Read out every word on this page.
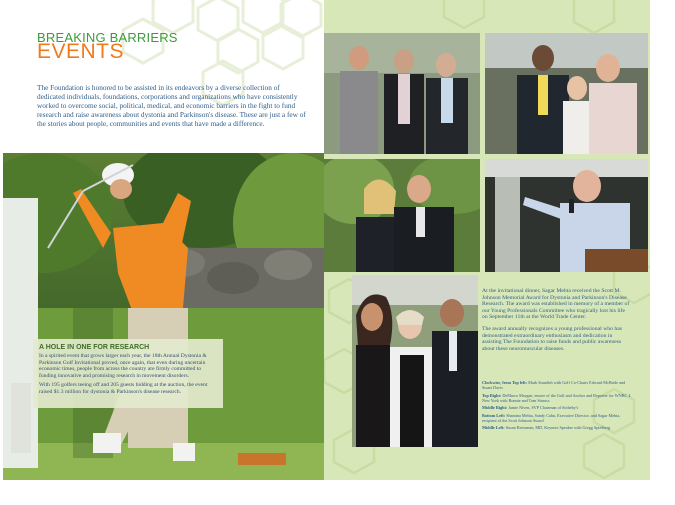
BREAKING BARRIERS
EVENTS

The Foundation is honored to be assisted in its endeavors by a diverse collection of dedicated individuals, foundations, corporations and organizations who have consistently worked to overcome social, political, medical, and economic barriers in the fight to fund research and raise awareness about dystonia and Parkinson's disease. These are just a few of the stories about people, communities and events that have made a difference.

A HOLE IN ONE FOR RESEARCH

In a spirited event that grows larger each year, the 18th Annual Dystonia & Parkinson Golf Invitational proved, once again, that even during uncertain economic times, people from across the country are firmly committed to funding innovative and promising research in movement disorders.

With 195 golfers teeing off and 205 guests bidding at the auction, the event raised $1.3 million for dystonia & Parkinson's disease research.

At the invitational dinner, Sagar Mehta received the Scott M. Johnson Memorial Award for Dystonia and Parkinson's Disease Research. The award was established in memory of a member of our Young Professionals Committee who tragically lost his life on September 11th at the World Trade Center.

The award annually recognizes a young professional who has demonstrated extraordinary enthusiasm and dedication in assisting The Foundation to raise funds and public awareness about these neuromuscular diseases.

Clockwise, from Top left: Mark Standish with Golf Co-Chairs Edward McBride and Stuart Davis

Top Right: DeMarco Morgan, emcee of the Golf and Anchor and Reporter for WNBC 4 New York with Bonnie and Tom Strauss

Middle Right: Jamie Niven, SVP Chairman of Sotheby's

Bottom Left: Shamina Mehta, Sandy Cahn, Executive Director, and Sagar Mehta, recipient of the Scott Johnson Award

Middle Left: Susan Bressman, MD, Keynote Speaker with Gregg Spielberg
